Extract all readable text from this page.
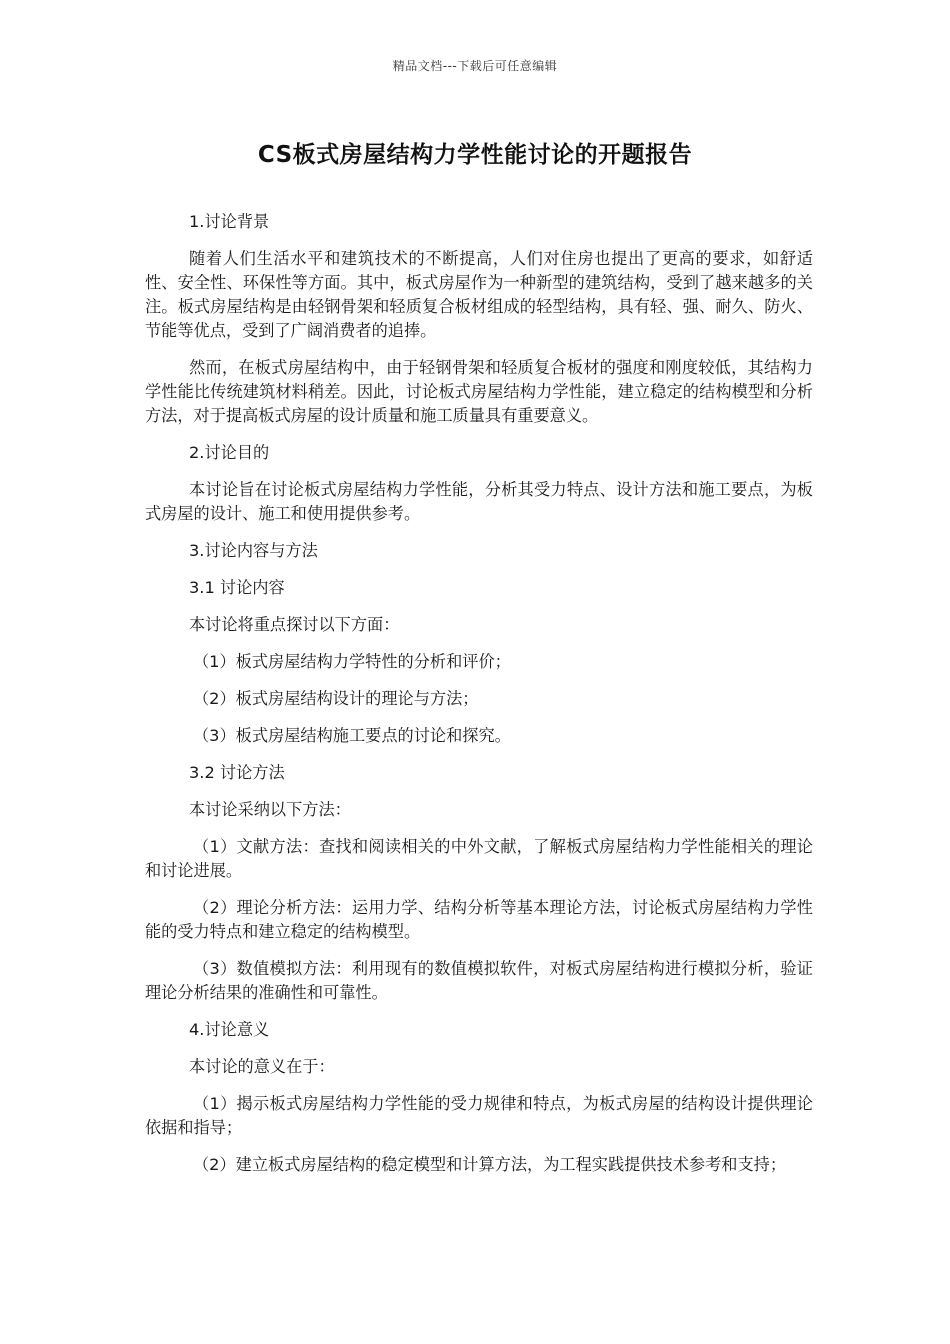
精品文档---下载后可任意编辑
CS板式房屋结构力学性能讨论的开题报告

1.讨论背景

随着人们生活水平和建筑技术的不断提高，人们对住房也提出了更高的要求，如舒适性、安全性、环保性等方面。其中，板式房屋作为一种新型的建筑结构，受到了越来越多的关注。板式房屋结构是由轻钢骨架和轻质复合板材组成的轻型结构，具有轻、强、耐久、防火、节能等优点，受到了广阔消费者的追捧。

然而，在板式房屋结构中，由于轻钢骨架和轻质复合板材的强度和刚度较低，其结构力学性能比传统建筑材料稍差。因此，讨论板式房屋结构力学性能，建立稳定的结构模型和分析方法，对于提高板式房屋的设计质量和施工质量具有重要意义。

2.讨论目的

本讨论旨在讨论板式房屋结构力学性能，分析其受力特点、设计方法和施工要点，为板式房屋的设计、施工和使用提供参考。

3.讨论内容与方法

3.1 讨论内容

本讨论将重点探讨以下方面：

（1）板式房屋结构力学特性的分析和评价；

（2）板式房屋结构设计的理论与方法；

（3）板式房屋结构施工要点的讨论和探究。

3.2 讨论方法

本讨论采纳以下方法：

（1）文献方法：查找和阅读相关的中外文献，了解板式房屋结构力学性能相关的理论和讨论进展。

（2）理论分析方法：运用力学、结构分析等基本理论方法，讨论板式房屋结构力学性能的受力特点和建立稳定的结构模型。

（3）数值模拟方法：利用现有的数值模拟软件，对板式房屋结构进行模拟分析，验证理论分析结果的准确性和可靠性。

4.讨论意义

本讨论的意义在于：

（1）揭示板式房屋结构力学性能的受力规律和特点，为板式房屋的结构设计提供理论依据和指导；

（2）建立板式房屋结构的稳定模型和计算方法，为工程实践提供技术参考和支持；
